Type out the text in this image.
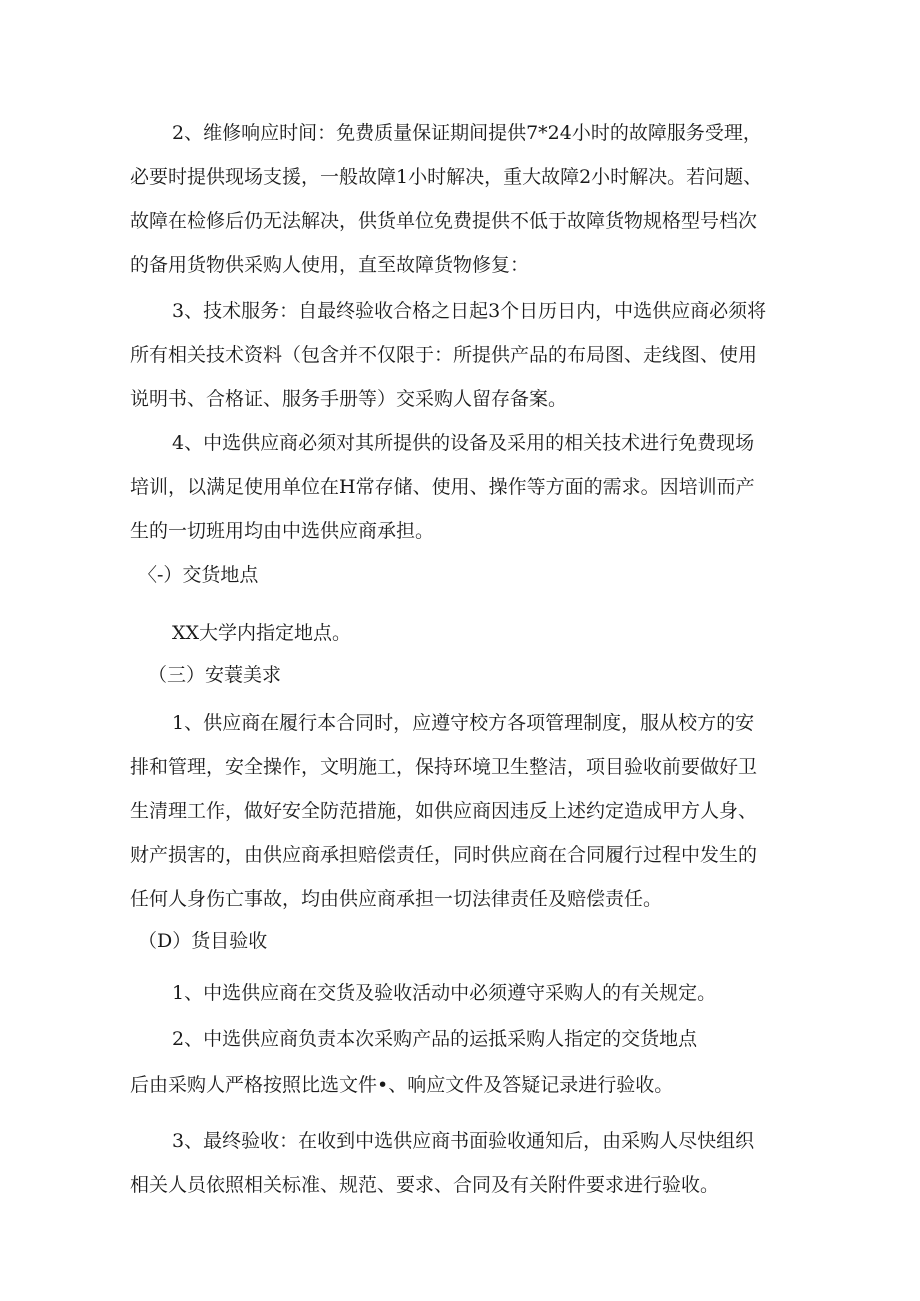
2、维修响应时间：免费质量保证期间提供7*24小时的故障服务受理，
必要时提供现场支援，一般故障1小时解决，重大故障2小时解决。若问题、
故障在检修后仍无法解决，供货单位免费提供不低于故障货物规格型号档次
的备用货物供采购人使用，直至故障货物修复：
3、技术服务：自最终验收合格之日起3个日历日内，中选供应商必须将
所有相关技术资料（包含并不仅限于：所提供产品的布局图、走线图、使用
说明书、合格证、服务手册等）交采购人留存备案。
4、中选供应商必须对其所提供的设备及采用的相关技术进行免费现场
培训，以满足使用单位在H常存储、使用、操作等方面的需求。因培训而产
生的一切班用均由中选供应商承担。
〈-）交货地点
XX大学内指定地点。
（三）安蓑美求
1、供应商在履行本合同时，应遵守校方各项管理制度，服从校方的安
排和管理，安全操作，文明施工，保持环境卫生整洁，项目验收前要做好卫
生清理工作，做好安全防范措施，如供应商因违反上述约定造成甲方人身、
财产损害的，由供应商承担赔偿责任，同时供应商在合同履行过程中发生的
任何人身伤亡事故，均由供应商承担一切法律责任及赔偿责任。
（D）货目验收
1、中选供应商在交货及验收活动中必须遵守采购人的有关规定。
2、中选供应商负责本次采购产品的运抵采购人指定的交货地点
后由采购人严格按照比选文件•、响应文件及答疑记录进行验收。
3、最终验收：在收到中选供应商书面验收通知后，由采购人尽快组织
相关人员依照相关标准、规范、要求、合同及有关附件要求进行验收。
